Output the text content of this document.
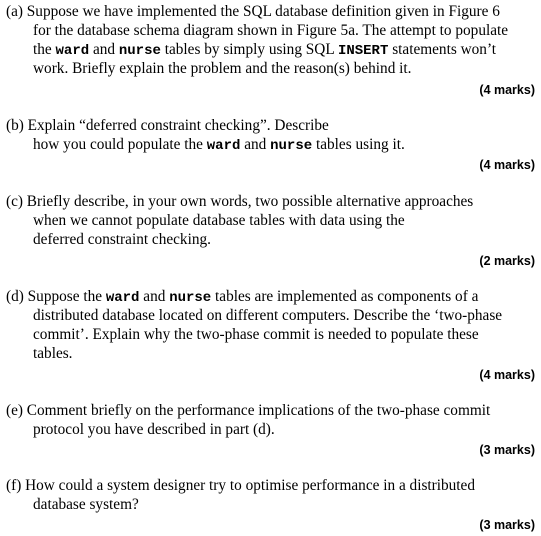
(a) Suppose we have implemented the SQL database definition given in Figure 6
for the database schema diagram shown in Figure 5a. The attempt to populate
the ward and nurse tables by simply using SQL INSERT statements won’t
work. Briefly explain the problem and the reason(s) behind it.
(4 marks)
(b) Explain “deferred constraint checking”. Describe
how you could populate the ward and nurse tables using it.
(4 marks)
(c) Briefly describe, in your own words, two possible alternative approaches
when we cannot populate database tables with data using the
deferred constraint checking.
(2 marks)
(d) Suppose the ward and nurse tables are implemented as components of a
distributed database located on different computers. Describe the ‘two-phase
commit’. Explain why the two-phase commit is needed to populate these
tables.
(4 marks)
(e) Comment briefly on the performance implications of the two-phase commit
protocol you have described in part (d).
(3 marks)
(f) How could a system designer try to optimise performance in a distributed
database system?
(3 marks)
